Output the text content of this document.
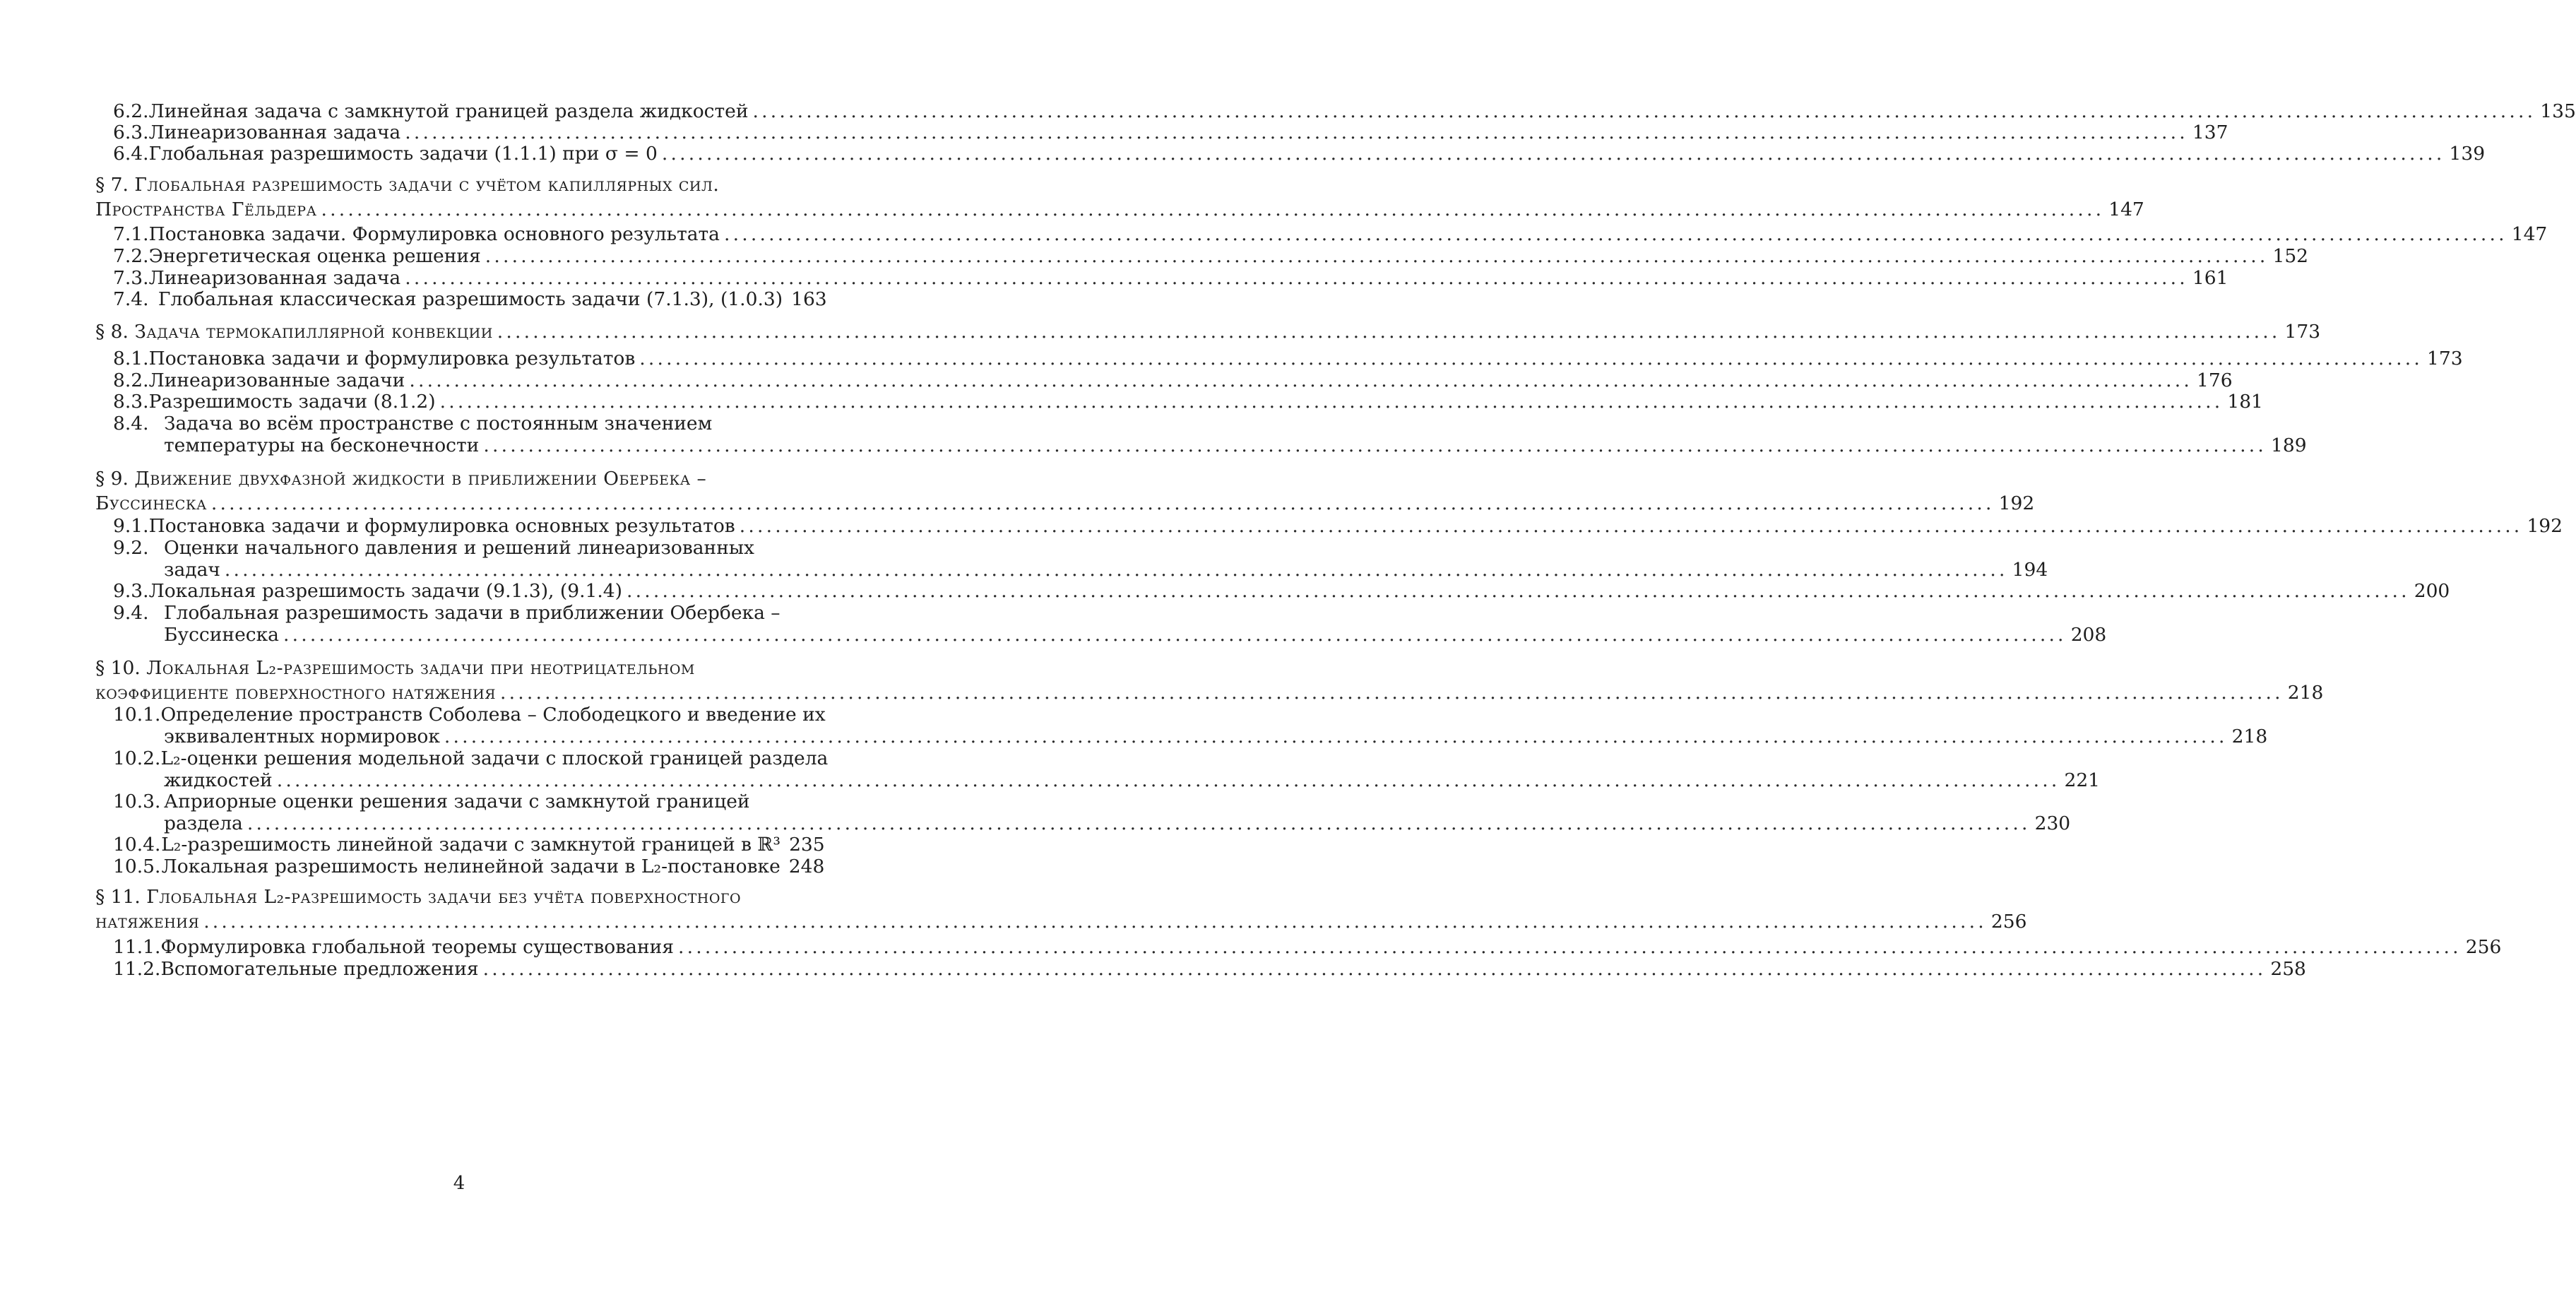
6.2. Линейная задача с замкнутой границей раздела жидкостей ........................................................................................................................................................................................................ 135
6.3. Линеаризованная задача ........................................................................................................................................................................................................ 137
6.4. Глобальная разрешимость задачи (1.1.1) при σ = 0 ........................................................................................................................................................................................................ 139
§ 7. Глобальная разрешимость задачи с учётом капиллярных сил.
Пространства Гёльдера ........................................................................................................................................................................................................ 147
7.1. Постановка задачи. Формулировка основного результата ........................................................................................................................................................................................................ 147
7.2. Энергетическая оценка решения ........................................................................................................................................................................................................ 152
7.3. Линеаризованная задача ........................................................................................................................................................................................................ 161
7.4. Глобальная классическая разрешимость задачи (7.1.3), (1.0.3) 163
§ 8. Задача термокапиллярной конвекции ........................................................................................................................................................................................................ 173
8.1. Постановка задачи и формулировка результатов ........................................................................................................................................................................................................ 173
8.2. Линеаризованные задачи ........................................................................................................................................................................................................ 176
8.3. Разрешимость задачи (8.1.2) ........................................................................................................................................................................................................ 181
8.4. Задача во всём пространстве с постоянным значением
температуры на бесконечности ........................................................................................................................................................................................................ 189
§ 9. Движение двухфазной жидкости в приближении Обербека –
Буссинеска ........................................................................................................................................................................................................ 192
9.1. Постановка задачи и формулировка основных результатов ........................................................................................................................................................................................................ 192
9.2. Оценки начального давления и решений линеаризованных
задач ........................................................................................................................................................................................................ 194
9.3. Локальная разрешимость задачи (9.1.3), (9.1.4) ........................................................................................................................................................................................................ 200
9.4. Глобальная разрешимость задачи в приближении Обербека –
Буссинеска ........................................................................................................................................................................................................ 208
§ 10. Локальная L₂-разрешимость задачи при неотрицательном
коэффициенте поверхностного натяжения ........................................................................................................................................................................................................ 218
10.1. Определение пространств Соболева – Слободецкого и введение их
эквивалентных нормировок ........................................................................................................................................................................................................ 218
10.2. L₂-оценки решения модельной задачи с плоской границей раздела
жидкостей ........................................................................................................................................................................................................ 221
10.3. Априорные оценки решения задачи с замкнутой границей
раздела ........................................................................................................................................................................................................ 230
10.4. L₂-разрешимость линейной задачи с замкнутой границей в ℝ³ 235
10.5. Локальная разрешимость нелинейной задачи в L₂-постановке 248
§ 11. Глобальная L₂-разрешимость задачи без учёта поверхностного
натяжения ........................................................................................................................................................................................................ 256
11.1. Формулировка глобальной теоремы существования ........................................................................................................................................................................................................ 256
11.2. Вспомогательные предложения ........................................................................................................................................................................................................ 258
4
